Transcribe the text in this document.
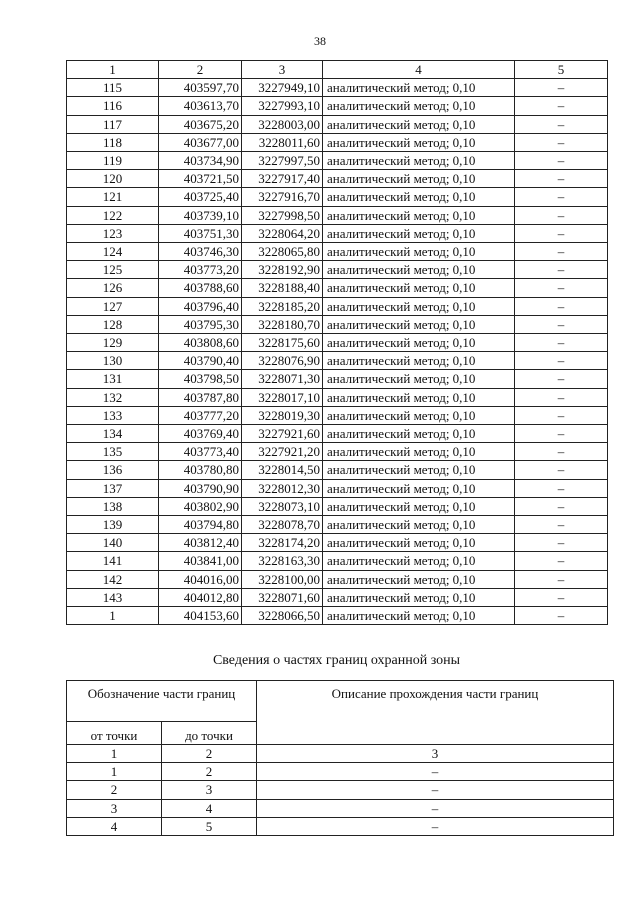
38
1	2	3	4	5
115	403597,70	3227949,10	аналитический метод; 0,10	–
116	403613,70	3227993,10	аналитический метод; 0,10	–
117	403675,20	3228003,00	аналитический метод; 0,10	–
118	403677,00	3228011,60	аналитический метод; 0,10	–
119	403734,90	3227997,50	аналитический метод; 0,10	–
120	403721,50	3227917,40	аналитический метод; 0,10	–
121	403725,40	3227916,70	аналитический метод; 0,10	–
122	403739,10	3227998,50	аналитический метод; 0,10	–
123	403751,30	3228064,20	аналитический метод; 0,10	–
124	403746,30	3228065,80	аналитический метод; 0,10	–
125	403773,20	3228192,90	аналитический метод; 0,10	–
126	403788,60	3228188,40	аналитический метод; 0,10	–
127	403796,40	3228185,20	аналитический метод; 0,10	–
128	403795,30	3228180,70	аналитический метод; 0,10	–
129	403808,60	3228175,60	аналитический метод; 0,10	–
130	403790,40	3228076,90	аналитический метод; 0,10	–
131	403798,50	3228071,30	аналитический метод; 0,10	–
132	403787,80	3228017,10	аналитический метод; 0,10	–
133	403777,20	3228019,30	аналитический метод; 0,10	–
134	403769,40	3227921,60	аналитический метод; 0,10	–
135	403773,40	3227921,20	аналитический метод; 0,10	–
136	403780,80	3228014,50	аналитический метод; 0,10	–
137	403790,90	3228012,30	аналитический метод; 0,10	–
138	403802,90	3228073,10	аналитический метод; 0,10	–
139	403794,80	3228078,70	аналитический метод; 0,10	–
140	403812,40	3228174,20	аналитический метод; 0,10	–
141	403841,00	3228163,30	аналитический метод; 0,10	–
142	404016,00	3228100,00	аналитический метод; 0,10	–
143	404012,80	3228071,60	аналитический метод; 0,10	–
1	404153,60	3228066,50	аналитический метод; 0,10	–
Сведения о частях границ охранной зоны
Обозначение части границ		Описание прохождения части границ
от точки	до точки	
1	2	3
1	2	–
2	3	–
3	4	–
4	5	–
